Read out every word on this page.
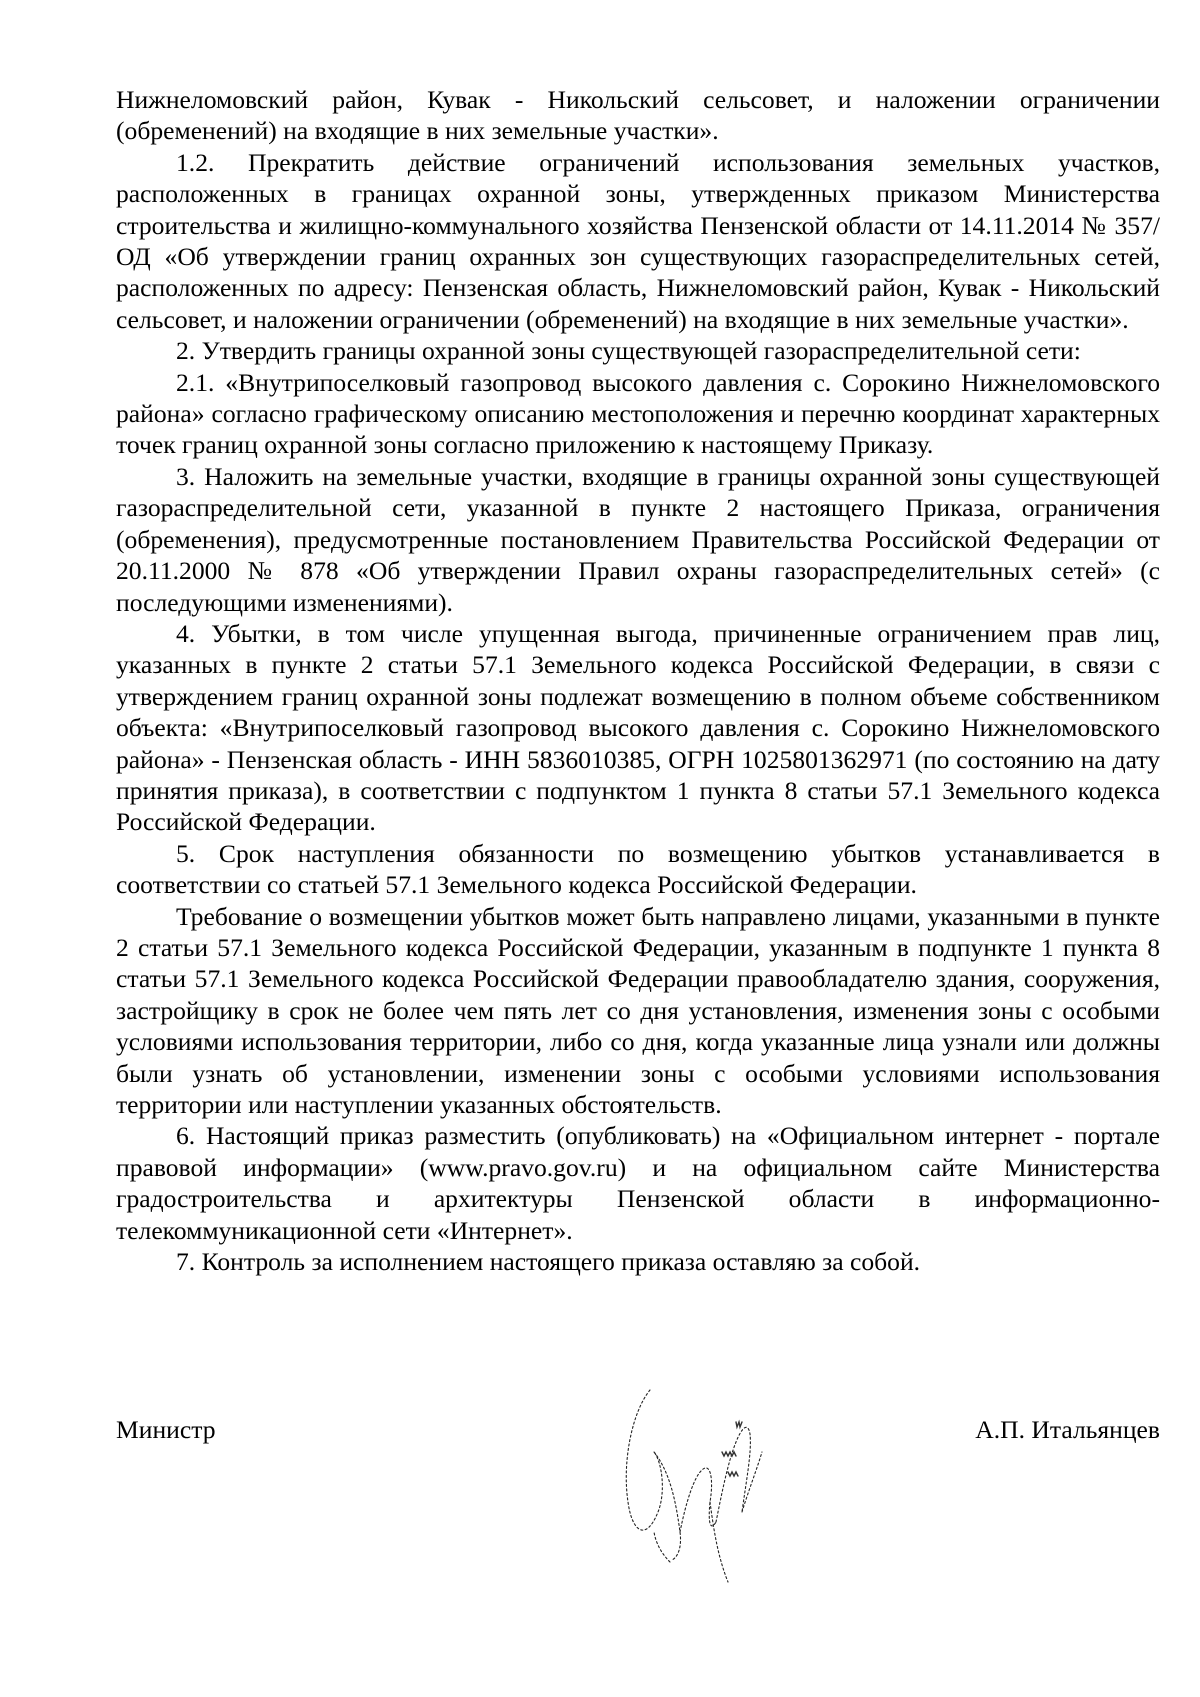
Нижнеломовский район, Кувак - Никольский сельсовет, и наложении ограничении (обременений) на входящие в них земельные участки».

1.2. Прекратить действие ограничений использования земельных участков, расположенных в границах охранной зоны, утвержденных приказом Министерства строительства и жилищно-коммунального хозяйства Пензенской области от 14.11.2014 № 357/ОД «Об утверждении границ охранных зон существующих газораспределительных сетей, расположенных по адресу: Пензенская область, Нижнеломовский район, Кувак - Никольский сельсовет, и наложении ограничении (обременений) на входящие в них земельные участки».

2. Утвердить границы охранной зоны существующей газораспределительной сети:

2.1. «Внутрипоселковый газопровод высокого давления с. Сорокино Нижнеломовского района» согласно графическому описанию местоположения и перечню координат характерных точек границ охранной зоны согласно приложению к настоящему Приказу.

3. Наложить на земельные участки, входящие в границы охранной зоны существующей газораспределительной сети, указанной в пункте 2 настоящего Приказа, ограничения (обременения), предусмотренные постановлением Правительства Российской Федерации от 20.11.2000 № 878 «Об утверждении Правил охраны газораспределительных сетей» (с последующими изменениями).

4. Убытки, в том числе упущенная выгода, причиненные ограничением прав лиц, указанных в пункте 2 статьи 57.1 Земельного кодекса Российской Федерации, в связи с утверждением границ охранной зоны подлежат возмещению в полном объеме собственником объекта: «Внутрипоселковый газопровод высокого давления с. Сорокино Нижнеломовского района» - Пензенская область - ИНН 5836010385, ОГРН 1025801362971 (по состоянию на дату принятия приказа), в соответствии с подпунктом 1 пункта 8 статьи 57.1 Земельного кодекса Российской Федерации.

5. Срок наступления обязанности по возмещению убытков устанавливается в соответствии со статьей 57.1 Земельного кодекса Российской Федерации.

Требование о возмещении убытков может быть направлено лицами, указанными в пункте 2 статьи 57.1 Земельного кодекса Российской Федерации, указанным в подпункте 1 пункта 8 статьи 57.1 Земельного кодекса Российской Федерации правообладателю здания, сооружения, застройщику в срок не более чем пять лет со дня установления, изменения зоны с особыми условиями использования территории, либо со дня, когда указанные лица узнали или должны были узнать об установлении, изменении зоны с особыми условиями использования территории или наступлении указанных обстоятельств.

6. Настоящий приказ разместить (опубликовать) на «Официальном интернет - портале правовой информации» (www.pravo.gov.ru) и на официальном сайте Министерства градостроительства и архитектуры Пензенской области в информационно-телекоммуникационной сети «Интернет».

7. Контроль за исполнением настоящего приказа оставляю за собой.

Министр	А.П. Итальянцев
